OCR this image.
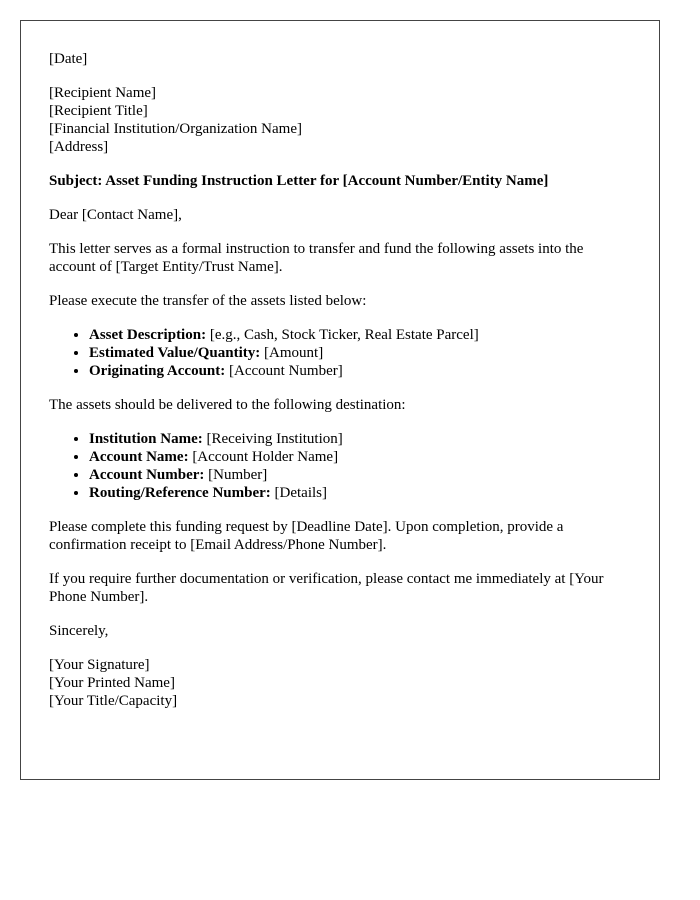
[Date]

[Recipient Name]
[Recipient Title]
[Financial Institution/Organization Name]
[Address]

Subject: Asset Funding Instruction Letter for [Account Number/Entity Name]

Dear [Contact Name],

This letter serves as a formal instruction to transfer and fund the following assets into the account of [Target Entity/Trust Name].

Please execute the transfer of the assets listed below:

• Asset Description: [e.g., Cash, Stock Ticker, Real Estate Parcel]
• Estimated Value/Quantity: [Amount]
• Originating Account: [Account Number]

The assets should be delivered to the following destination:

• Institution Name: [Receiving Institution]
• Account Name: [Account Holder Name]
• Account Number: [Number]
• Routing/Reference Number: [Details]

Please complete this funding request by [Deadline Date]. Upon completion, provide a confirmation receipt to [Email Address/Phone Number].

If you require further documentation or verification, please contact me immediately at [Your Phone Number].

Sincerely,

[Your Signature]
[Your Printed Name]
[Your Title/Capacity]
